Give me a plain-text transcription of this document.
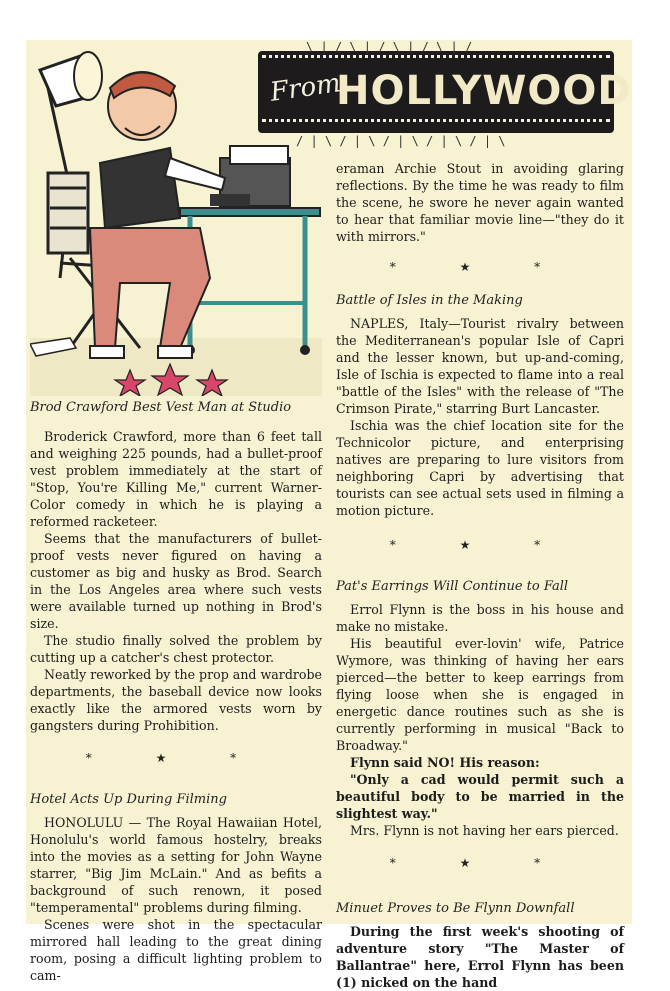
From
HOLLYWOOD
\ | / \ | / \ | / \ | /
/ | \ / | \ / | \ / | \ / | \
Brod Crawford Best Vest Man at Studio

Broderick Crawford, more than 6 feet tall and weighing 225 pounds, had a bullet-proof vest problem immediately at the start of "Stop, You're Killing Me," current Warner-Color comedy in which he is playing a reformed racketeer.

Seems that the manufacturers of bullet-proof vests never figured on having a customer as big and husky as Brod. Search in the Los Angeles area where such vests were available turned up nothing in Brod's size.

The studio finally solved the problem by cutting up a catcher's chest protector.

Neatly reworked by the prop and wardrobe departments, the baseball device now looks exactly like the armored vests worn by gangsters during Prohibition.

* ★ *

Hotel Acts Up During Filming

HONOLULU — The Royal Hawaiian Hotel, Honolulu's world famous hostelry, breaks into the movies as a setting for John Wayne starrer, "Big Jim McLain." And as befits a background of such renown, it posed "temperamental" problems during filming.

Scenes were shot in the spectacular mirrored hall leading to the great dining room, posing a difficult lighting problem to cam-

eraman Archie Stout in avoiding glaring reflections. By the time he was ready to film the scene, he swore he never again wanted to hear that familiar movie line—"they do it with mirrors."

* ★ *

Battle of Isles in the Making

NAPLES, Italy—Tourist rivalry between the Mediterranean's popular Isle of Capri and the lesser known, but up-and-coming, Isle of Ischia is expected to flame into a real "battle of the Isles" with the release of "The Crimson Pirate," starring Burt Lancaster.

Ischia was the chief location site for the Technicolor picture, and enterprising natives are preparing to lure visitors from neighboring Capri by advertising that tourists can see actual sets used in filming a motion picture.

* ★ *

Pat's Earrings Will Continue to Fall

Errol Flynn is the boss in his house and make no mistake.

His beautiful ever-lovin' wife, Patrice Wymore, was thinking of having her ears pierced—the better to keep earrings from flying loose when she is engaged in energetic dance routines such as she is currently performing in musical "Back to Broadway."

Flynn said NO! His reason:

"Only a cad would permit such a beautiful body to be married in the slightest way."

Mrs. Flynn is not having her ears pierced.

* ★ *

Minuet Proves to Be Flynn Downfall

During the first week's shooting of adventure story "The Master of Ballantrae" here, Errol Flynn has been (1) nicked on the hand
